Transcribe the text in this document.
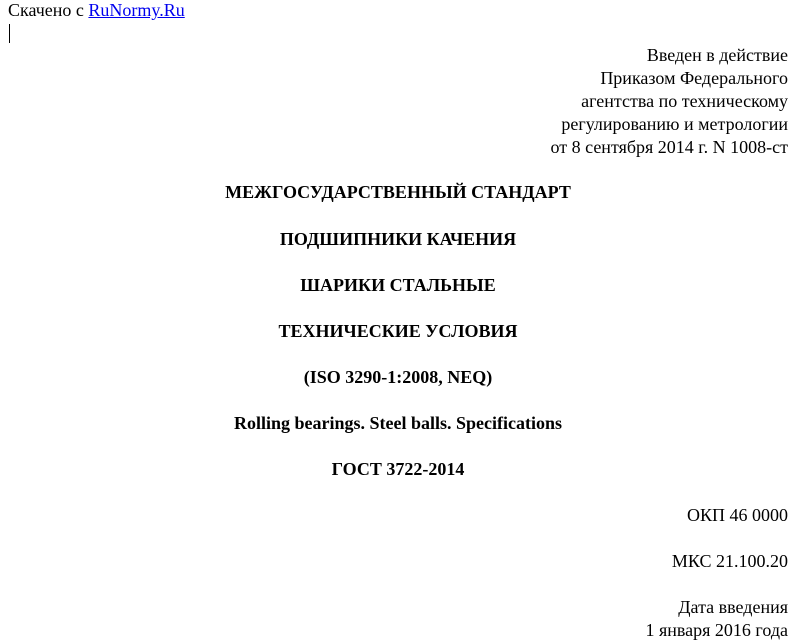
Скачено с RuNormy.Ru
Введен в действие
Приказом Федерального
агентства по техническому
регулированию и метрологии
от 8 сентября 2014 г. N 1008-ст
МЕЖГОСУДАРСТВЕННЫЙ СТАНДАРТ
ПОДШИПНИКИ КАЧЕНИЯ
ШАРИКИ СТАЛЬНЫЕ
ТЕХНИЧЕСКИЕ УСЛОВИЯ
(ISO 3290-1:2008, NEQ)
Rolling bearings. Steel balls. Specifications
ГОСТ 3722-2014
ОКП 46 0000
МКС 21.100.20
Дата введения
1 января 2016 года
